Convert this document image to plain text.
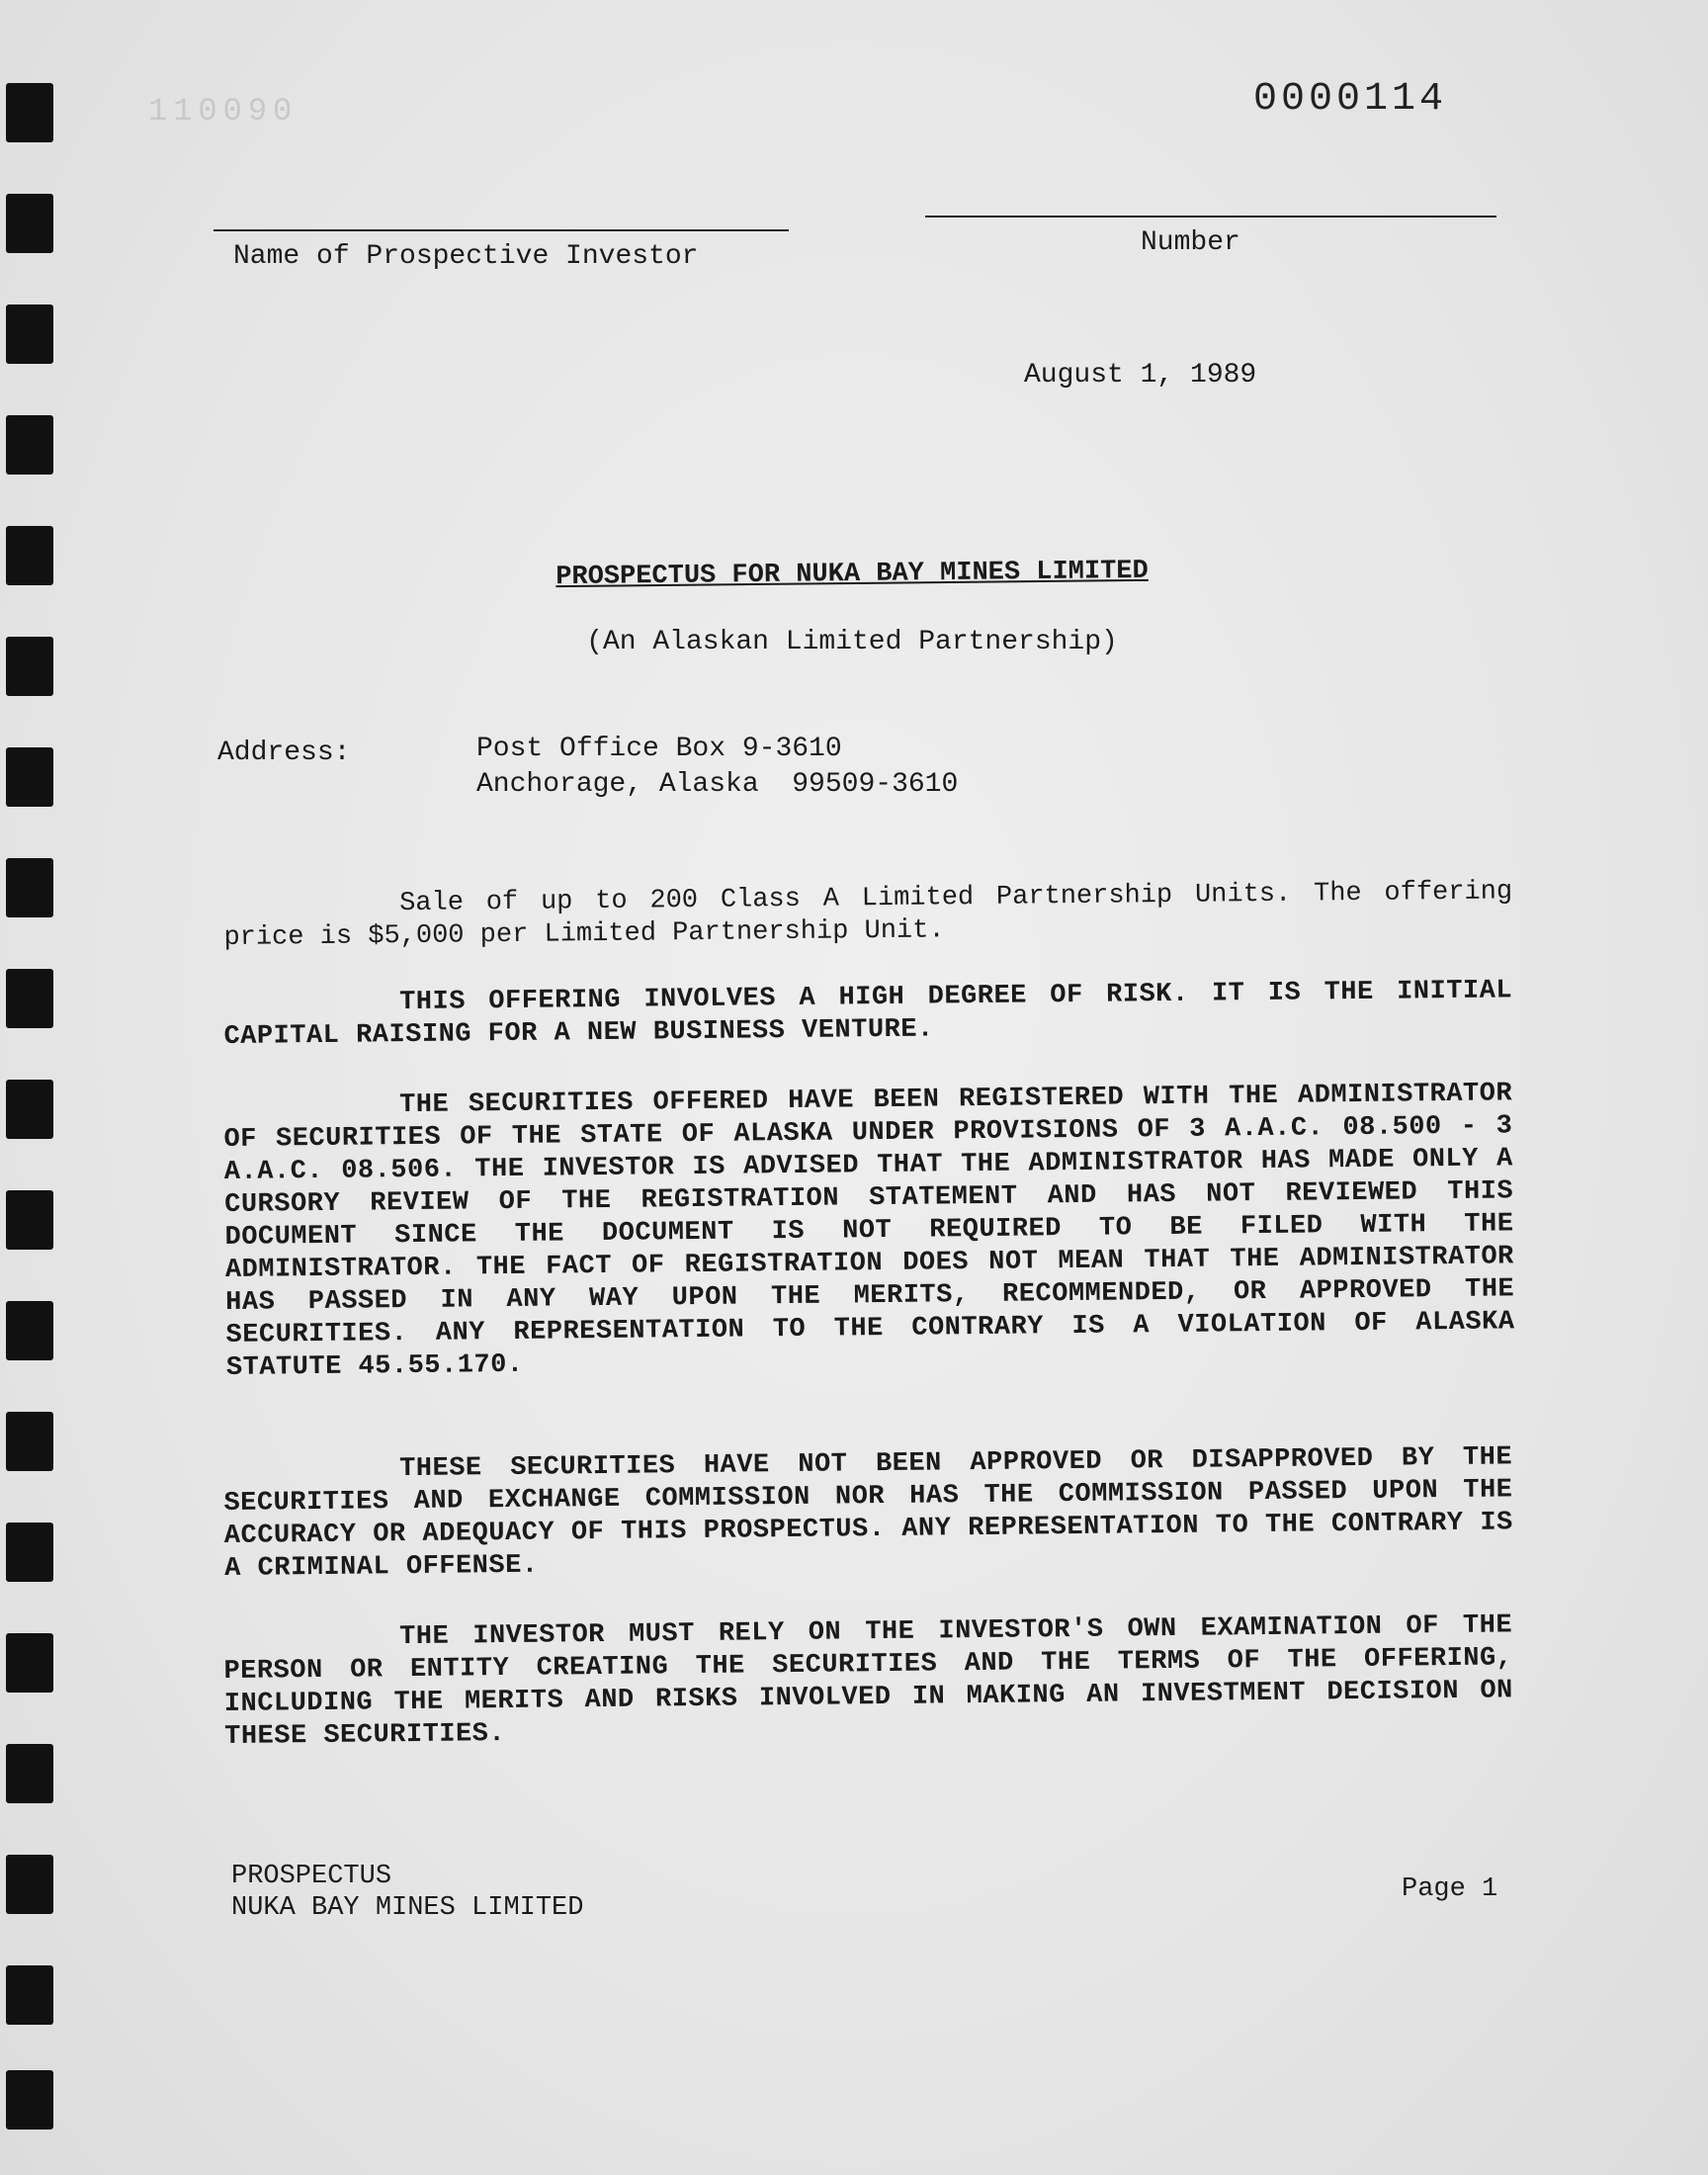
110090	0000114
Name of Prospective Investor	Number
August 1, 1989
PROSPECTUS FOR NUKA BAY MINES LIMITED
(An Alaskan Limited Partnership)
Address:	Post Office Box 9-3610
Anchorage, Alaska  99509-3610
Sale of up to 200 Class A Limited Partnership Units. The offering price is $5,000 per Limited Partnership Unit.
THIS OFFERING INVOLVES A HIGH DEGREE OF RISK. IT IS THE INITIAL CAPITAL RAISING FOR A NEW BUSINESS VENTURE.
THE SECURITIES OFFERED HAVE BEEN REGISTERED WITH THE ADMINISTRATOR OF SECURITIES OF THE STATE OF ALASKA UNDER PROVISIONS OF 3 A.A.C. 08.500 - 3 A.A.C. 08.506. THE INVESTOR IS ADVISED THAT THE ADMINISTRATOR HAS MADE ONLY A CURSORY REVIEW OF THE REGISTRATION STATEMENT AND HAS NOT REVIEWED THIS DOCUMENT SINCE THE DOCUMENT IS NOT REQUIRED TO BE FILED WITH THE ADMINISTRATOR. THE FACT OF REGISTRATION DOES NOT MEAN THAT THE ADMINISTRATOR HAS PASSED IN ANY WAY UPON THE MERITS, RECOMMENDED, OR APPROVED THE SECURITIES. ANY REPRESENTATION TO THE CONTRARY IS A VIOLATION OF ALASKA STATUTE 45.55.170.
THESE SECURITIES HAVE NOT BEEN APPROVED OR DISAPPROVED BY THE SECURITIES AND EXCHANGE COMMISSION NOR HAS THE COMMISSION PASSED UPON THE ACCURACY OR ADEQUACY OF THIS PROSPECTUS. ANY REPRESENTATION TO THE CONTRARY IS A CRIMINAL OFFENSE.
THE INVESTOR MUST RELY ON THE INVESTOR'S OWN EXAMINATION OF THE PERSON OR ENTITY CREATING THE SECURITIES AND THE TERMS OF THE OFFERING, INCLUDING THE MERITS AND RISKS INVOLVED IN MAKING AN INVESTMENT DECISION ON THESE SECURITIES.
PROSPECTUS
NUKA BAY MINES LIMITED
Page 1
